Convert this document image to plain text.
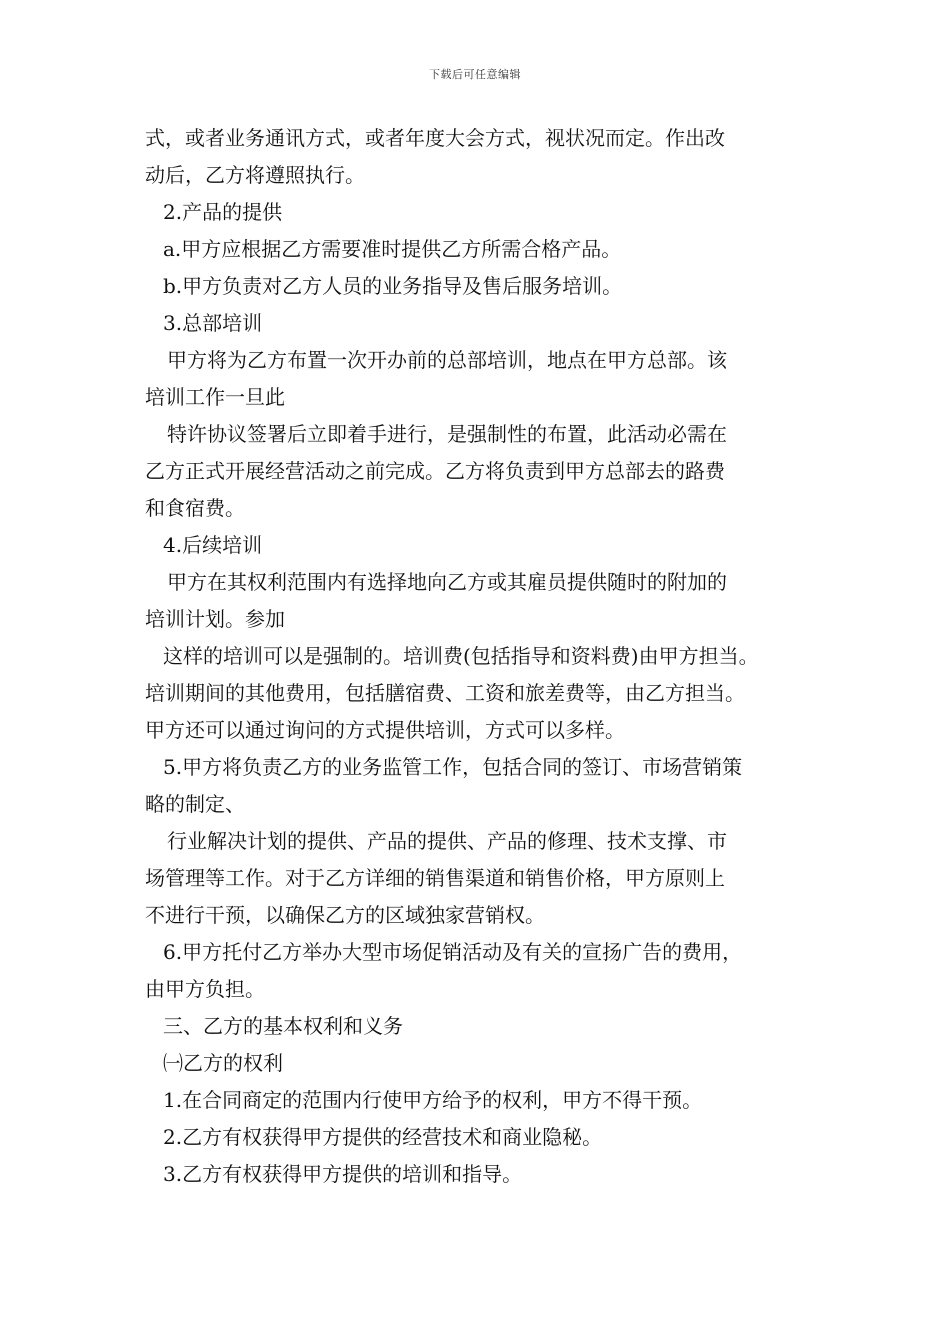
下载后可任意编辑
式，或者业务通讯方式，或者年度大会方式，视状况而定。作出改
动后，乙方将遵照执行。
2.产品的提供
a.甲方应根据乙方需要准时提供乙方所需合格产品。
b.甲方负责对乙方人员的业务指导及售后服务培训。
3.总部培训
甲方将为乙方布置一次开办前的总部培训，地点在甲方总部。该
培训工作一旦此
特许协议签署后立即着手进行，是强制性的布置，此活动必需在
乙方正式开展经营活动之前完成。乙方将负责到甲方总部去的路费
和食宿费。
4.后续培训
甲方在其权利范围内有选择地向乙方或其雇员提供随时的附加的
培训计划。参加
这样的培训可以是强制的。培训费(包括指导和资料费)由甲方担当。
培训期间的其他费用，包括膳宿费、工资和旅差费等，由乙方担当。
甲方还可以通过询问的方式提供培训，方式可以多样。
5.甲方将负责乙方的业务监管工作，包括合同的签订、市场营销策
略的制定、
行业解决计划的提供、产品的提供、产品的修理、技术支撑、市
场管理等工作。对于乙方详细的销售渠道和销售价格，甲方原则上
不进行干预，以确保乙方的区域独家营销权。
6.甲方托付乙方举办大型市场促销活动及有关的宣扬广告的费用，
由甲方负担。
三、乙方的基本权利和义务
㈠乙方的权利
1.在合同商定的范围内行使甲方给予的权利，甲方不得干预。
2.乙方有权获得甲方提供的经营技术和商业隐秘。
3.乙方有权获得甲方提供的培训和指导。
